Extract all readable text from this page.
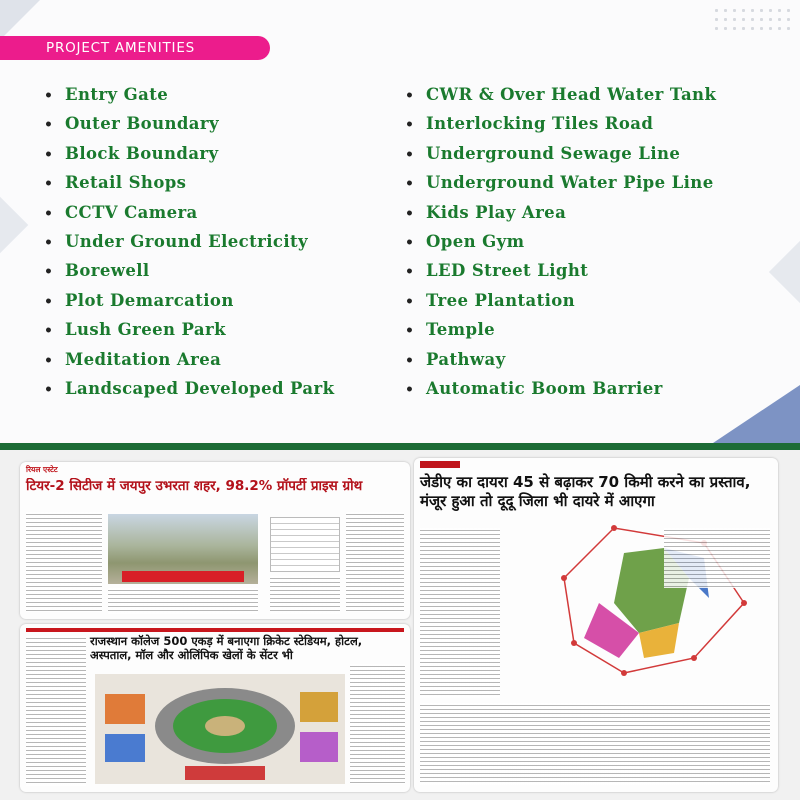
PROJECT AMENITIES
• Entry Gate
• Outer Boundary
• Block Boundary
• Retail Shops
• CCTV Camera
• Under Ground Electricity
• Borewell
• Plot Demarcation
• Lush Green Park
• Meditation Area
• Landscaped Developed Park
• CWR & Over Head Water Tank
• Interlocking Tiles Road
• Underground Sewage Line
• Underground Water Pipe Line
• Kids Play Area
• Open Gym
• LED Street Light
• Tree Plantation
• Temple
• Pathway
• Automatic Boom Barrier
रियल एस्टेट
टियर-2 सिटीज में जयपुर उभरता शहर, 98.2% प्रॉपर्टी प्राइस ग्रोथ
राजस्थान कॉलेज 500 एकड़ में बनाएगा क्रिकेट स्टेडियम, होटल, अस्पताल, मॉल और ओलिंपिक खेलों के सेंटर भी
जेडीए का दायरा 45 से बढ़ाकर 70 किमी करने का प्रस्ताव, मंजूर हुआ तो दूदू जिला भी दायरे में आएगा
